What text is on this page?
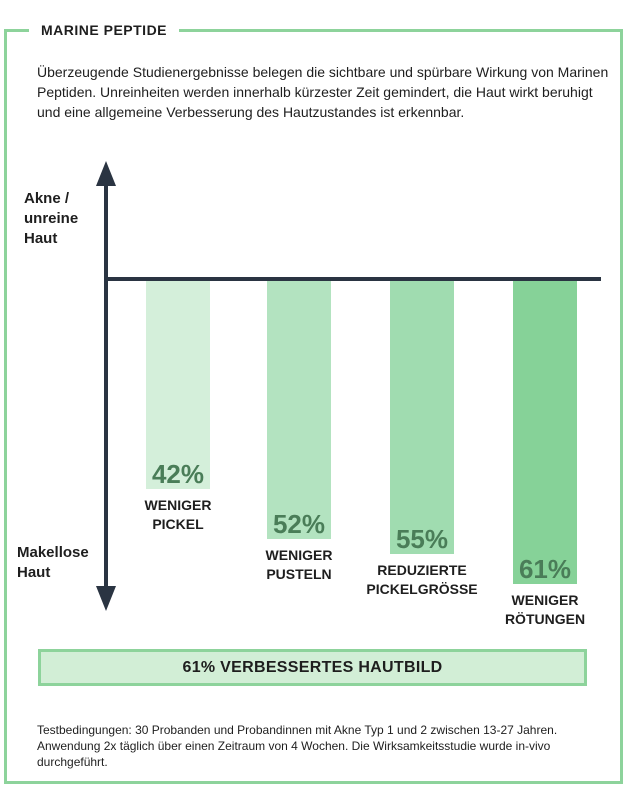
MARINE PEPTIDE
Überzeugende Studienergebnisse belegen die sichtbare und spürbare Wirkung von Marinen Peptiden. Unreinheiten werden innerhalb kürzester Zeit gemindert, die Haut wirkt beruhigt und eine allgemeine Verbesserung des Hautzustandes ist erkennbar.
42%
WENIGER
PICKEL	52%
WENIGER
PUSTELN
55%
REDUZIERTE
PICKELGRÖSSE
61%
WENIGER
RÖTUNGEN
Akne / unreine Haut
Makellose Haut
61% VERBESSERTES HAUTBILD
Testbedingungen: 30 Probanden und Probandinnen mit Akne Typ 1 und 2 zwischen 13-27 Jahren. Anwendung 2x täglich über einen Zeitraum von 4 Wochen. Die Wirksamkeitsstudie wurde in-vivo durchgeführt.
